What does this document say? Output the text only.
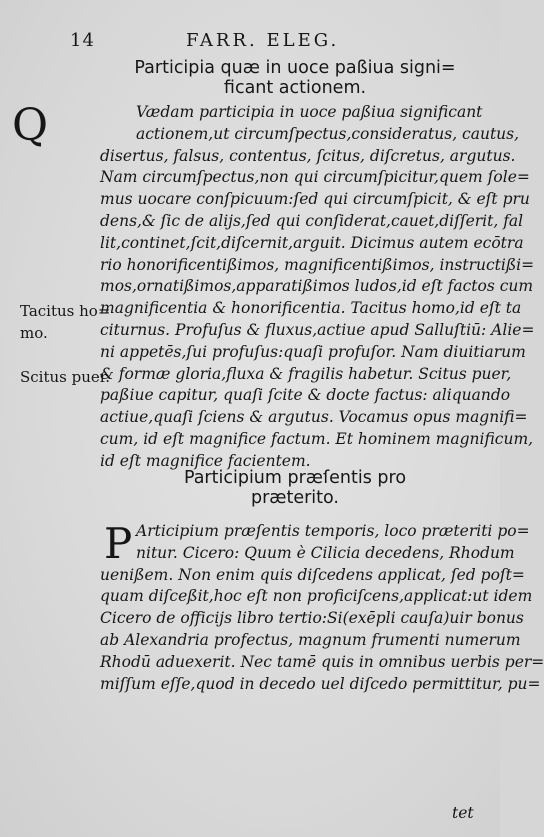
14	FARR. ELEG.
Participia quæ in uoce paßiua signi=
ficant actionem.
Q	Vædam participia in uoce paßiua significant
actionem,ut circumſpectus,consideratus, cautus,
disertus, falsus, contentus, ſcitus, diſcretus, argutus.
Nam circumſpectus,non qui circumſpicitur,quem ſole=
mus uocare conſpicuum:ſed qui circumſpicit, & eſt pru
dens,& ſic de alijs,ſed qui conſiderat,cauet,diſſerit, fal
lit,continet,ſcit,diſcernit,arguit. Dicimus autem ecōtra
rio honorificentißimos, magnificentißimos, instructißi=
mos,ornatißimos,apparatißimos ludos,id eſt factos cum
magnificentia & honorificentia. Tacitus homo,id eſt ta
citurnus. Profuſus & fluxus,actiue apud Salluſtiū: Alie=
ni appetēs,ſui profuſus:quaſi profuſor. Nam diuitiarum
& formæ gloria,fluxa & fragilis habetur. Scitus puer,
paßiue capitur, quaſi ſcite & docte factus: aliquando
actiue,quaſi ſciens & argutus. Vocamus opus magnifi=
cum, id eſt magnifice factum. Et hominem magnificum,
id eſt magnifice facientem.
Tacitus ho=
mo.
Scitus puer.
Participium præſentis pro
præterito.
P Articipium præſentis temporis, loco præteriti po=
nitur. Cicero: Quum è Cilicia decedens, Rhodum
uenißem. Non enim quis diſcedens applicat, ſed poſt=
quam diſceßit,hoc eſt non proficiſcens,applicat:ut idem
Cicero de officijs libro tertio:Si(exēpli cauſa)uir bonus
ab Alexandria profectus, magnum frumenti numerum
Rhodū aduexerit. Nec tamē quis in omnibus uerbis per=
miſſum eſſe,quod in decedo uel diſcedo permittitur, pu=
tet
